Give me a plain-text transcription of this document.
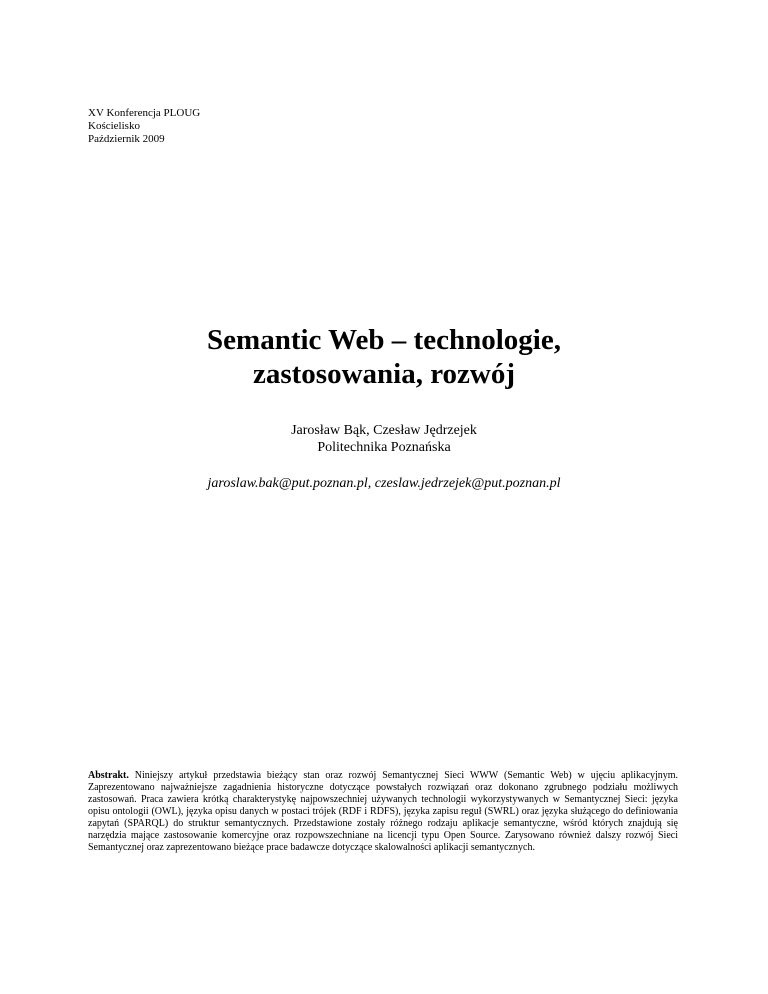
XV Konferencja PLOUG
Kościelisko
Październik 2009
Semantic Web – technologie,
zastosowania, rozwój
Jarosław Bąk, Czesław Jędrzejek
Politechnika Poznańska
jaroslaw.bak@put.poznan.pl, czeslaw.jedrzejek@put.poznan.pl
Abstrakt. Niniejszy artykuł przedstawia bieżący stan oraz rozwój Semantycznej Sieci WWW (Semantic Web) w ujęciu aplikacyjnym. Zaprezentowano najważniejsze zagadnienia historyczne dotyczące powstałych rozwiązań oraz dokonano zgrubnego podziału możliwych zastosowań. Praca zawiera krótką charakterystykę najpowszechniej używanych technologii wykorzystywanych w Semantycznej Sieci: języka opisu ontologii (OWL), języka opisu danych w postaci trójek (RDF i RDFS), języka zapisu reguł (SWRL) oraz języka służącego do definiowania zapytań (SPARQL) do struktur semantycznych. Przedstawione zostały różnego rodzaju aplikacje semantyczne, wśród których znajdują się narzędzia mające zastosowanie komercyjne oraz rozpowszechniane na licencji typu Open Source. Zarysowano również dalszy rozwój Sieci Semantycznej oraz zaprezentowano bieżące prace badawcze dotyczące skalowalności aplikacji semantycznych.
